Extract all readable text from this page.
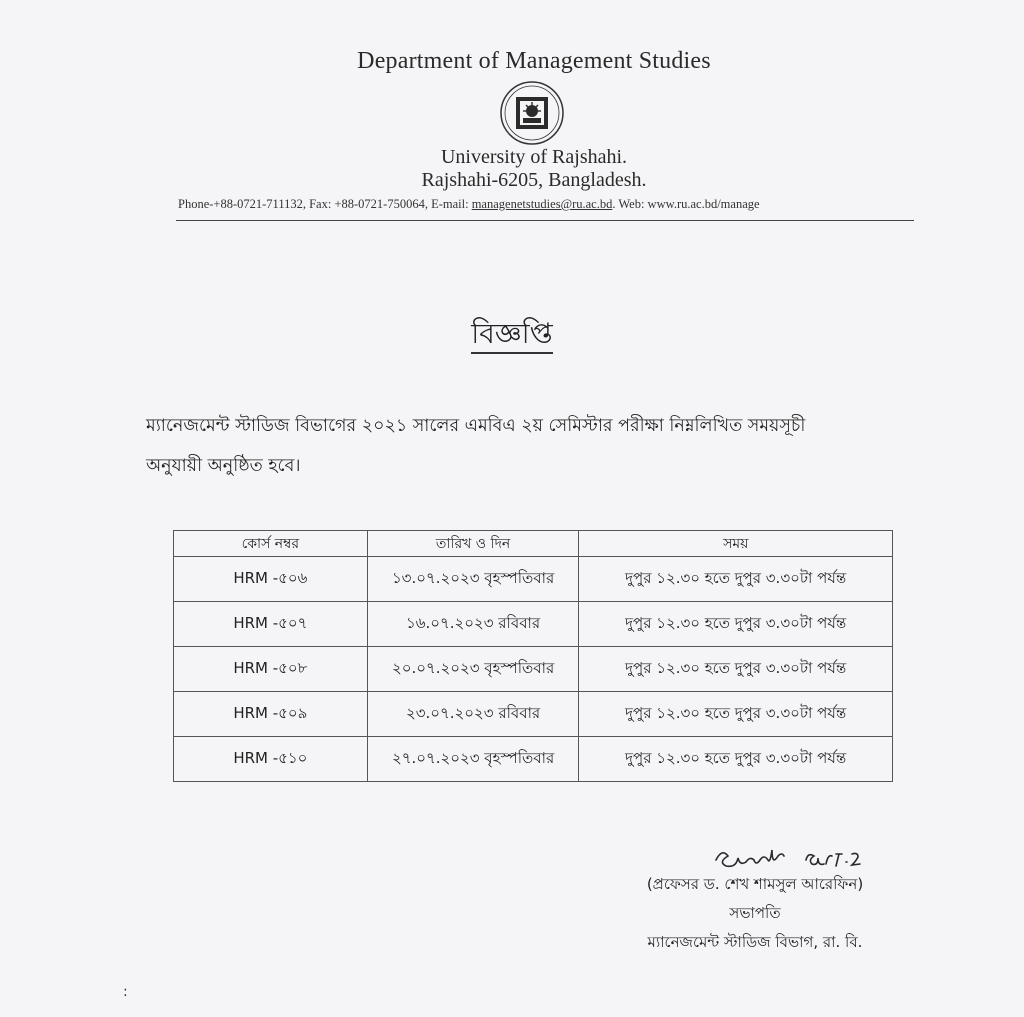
Department of Management Studies
University of Rajshahi.
Rajshahi-6205, Bangladesh.
Phone-+88-0721-711132, Fax: +88-0721-750064, E-mail: managenetstudies@ru.ac.bd. Web: www.ru.ac.bd/manage
বিজ্ঞপ্তি
ম্যানেজমেন্ট স্টাডিজ বিভাগের ২০২১ সালের এমবিএ ২য় সেমিস্টার পরীক্ষা নিম্নলিখিত সময়সূচী
অনুযায়ী অনুষ্ঠিত হবে।
কোর্স নম্বর	তারিখ ও দিন	সময়
HRM -৫০৬	১৩.০৭.২০২৩ বৃহস্পতিবার	দুপুর ১২.৩০ হতে দুপুর ৩.৩০টা পর্যন্ত
HRM -৫০৭	১৬.০৭.২০২৩ রবিবার	দুপুর ১২.৩০ হতে দুপুর ৩.৩০টা পর্যন্ত
HRM -৫০৮	২০.০৭.২০২৩ বৃহস্পতিবার	দুপুর ১২.৩০ হতে দুপুর ৩.৩০টা পর্যন্ত
HRM -৫০৯	২৩.০৭.২০২৩ রবিবার	দুপুর ১২.৩০ হতে দুপুর ৩.৩০টা পর্যন্ত
HRM -৫১০	২৭.০৭.২০২৩ বৃহস্পতিবার	দুপুর ১২.৩০ হতে দুপুর ৩.৩০টা পর্যন্ত
(প্রফেসর ড. শেখ শামসুল আরেফিন)
সভাপতি
ম্যানেজমেন্ট স্টাডিজ বিভাগ, রা. বি.
:
